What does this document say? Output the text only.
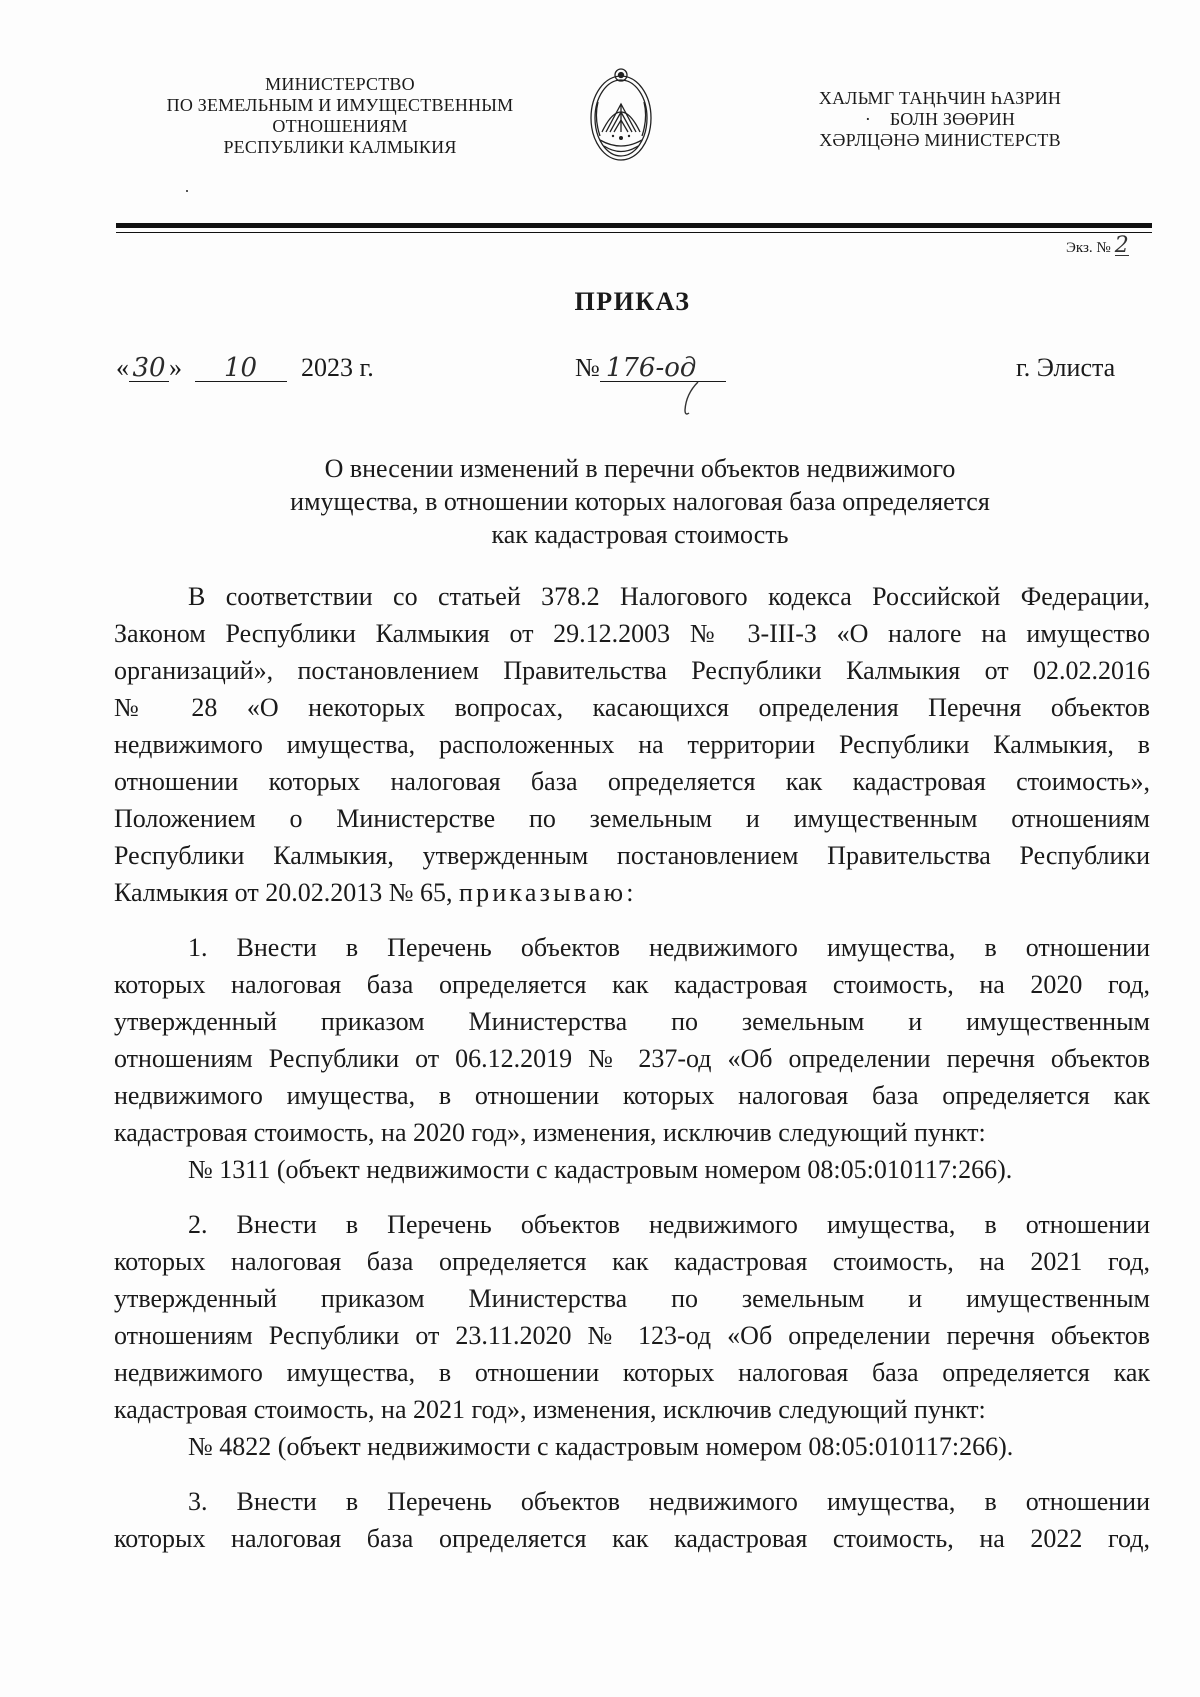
МИНИСТЕРСТВО
ПО ЗЕМЕЛЬНЫМ И ИМУЩЕСТВЕННЫМ
ОТНОШЕНИЯМ
РЕСПУБЛИКИ КАЛМЫКИЯ
ХАЛЬМГ ТАҢҺЧИН ҺАЗРИН
·    БОЛН ЗӨӨРИН
ХӘРЛЦӘНӘ МИНИСТЕРСТВ
Экз. № 2
ПРИКАЗ
« 30 » 10 2023 г.	№ 176-од	г. Элиста
О внесении изменений в перечни объектов недвижимого
имущества, в отношении которых налоговая база определяется
как кадастровая стоимость
В соответствии со статьей 378.2 Налогового кодекса Российской Федерации,
Законом Республики Калмыкия от 29.12.2003 № 3-III-З «О налоге на имущество
организаций», постановлением Правительства Республики Калмыкия от 02.02.2016
№ 28 «О некоторых вопросах, касающихся определения Перечня объектов
недвижимого имущества, расположенных на территории Республики Калмыкия, в
отношении которых налоговая база определяется как кадастровая стоимость»,
Положением о Министерстве по земельным и имущественным отношениям
Республики Калмыкия, утвержденным постановлением Правительства Республики
Калмыкия от 20.02.2013 № 65, приказываю:
1. Внести в Перечень объектов недвижимого имущества, в отношении
которых налоговая база определяется как кадастровая стоимость, на 2020 год,
утвержденный приказом Министерства по земельным и имущественным
отношениям Республики от 06.12.2019 № 237-од «Об определении перечня объектов
недвижимого имущества, в отношении которых налоговая база определяется как
кадастровая стоимость, на 2020 год», изменения, исключив следующий пункт:
№ 1311 (объект недвижимости с кадастровым номером 08:05:010117:266).
2. Внести в Перечень объектов недвижимого имущества, в отношении
которых налоговая база определяется как кадастровая стоимость, на 2021 год,
утвержденный приказом Министерства по земельным и имущественным
отношениям Республики от 23.11.2020 № 123-од «Об определении перечня объектов
недвижимого имущества, в отношении которых налоговая база определяется как
кадастровая стоимость, на 2021 год», изменения, исключив следующий пункт:
№ 4822 (объект недвижимости с кадастровым номером 08:05:010117:266).
3. Внести в Перечень объектов недвижимого имущества, в отношении
которых налоговая база определяется как кадастровая стоимость, на 2022 год,
